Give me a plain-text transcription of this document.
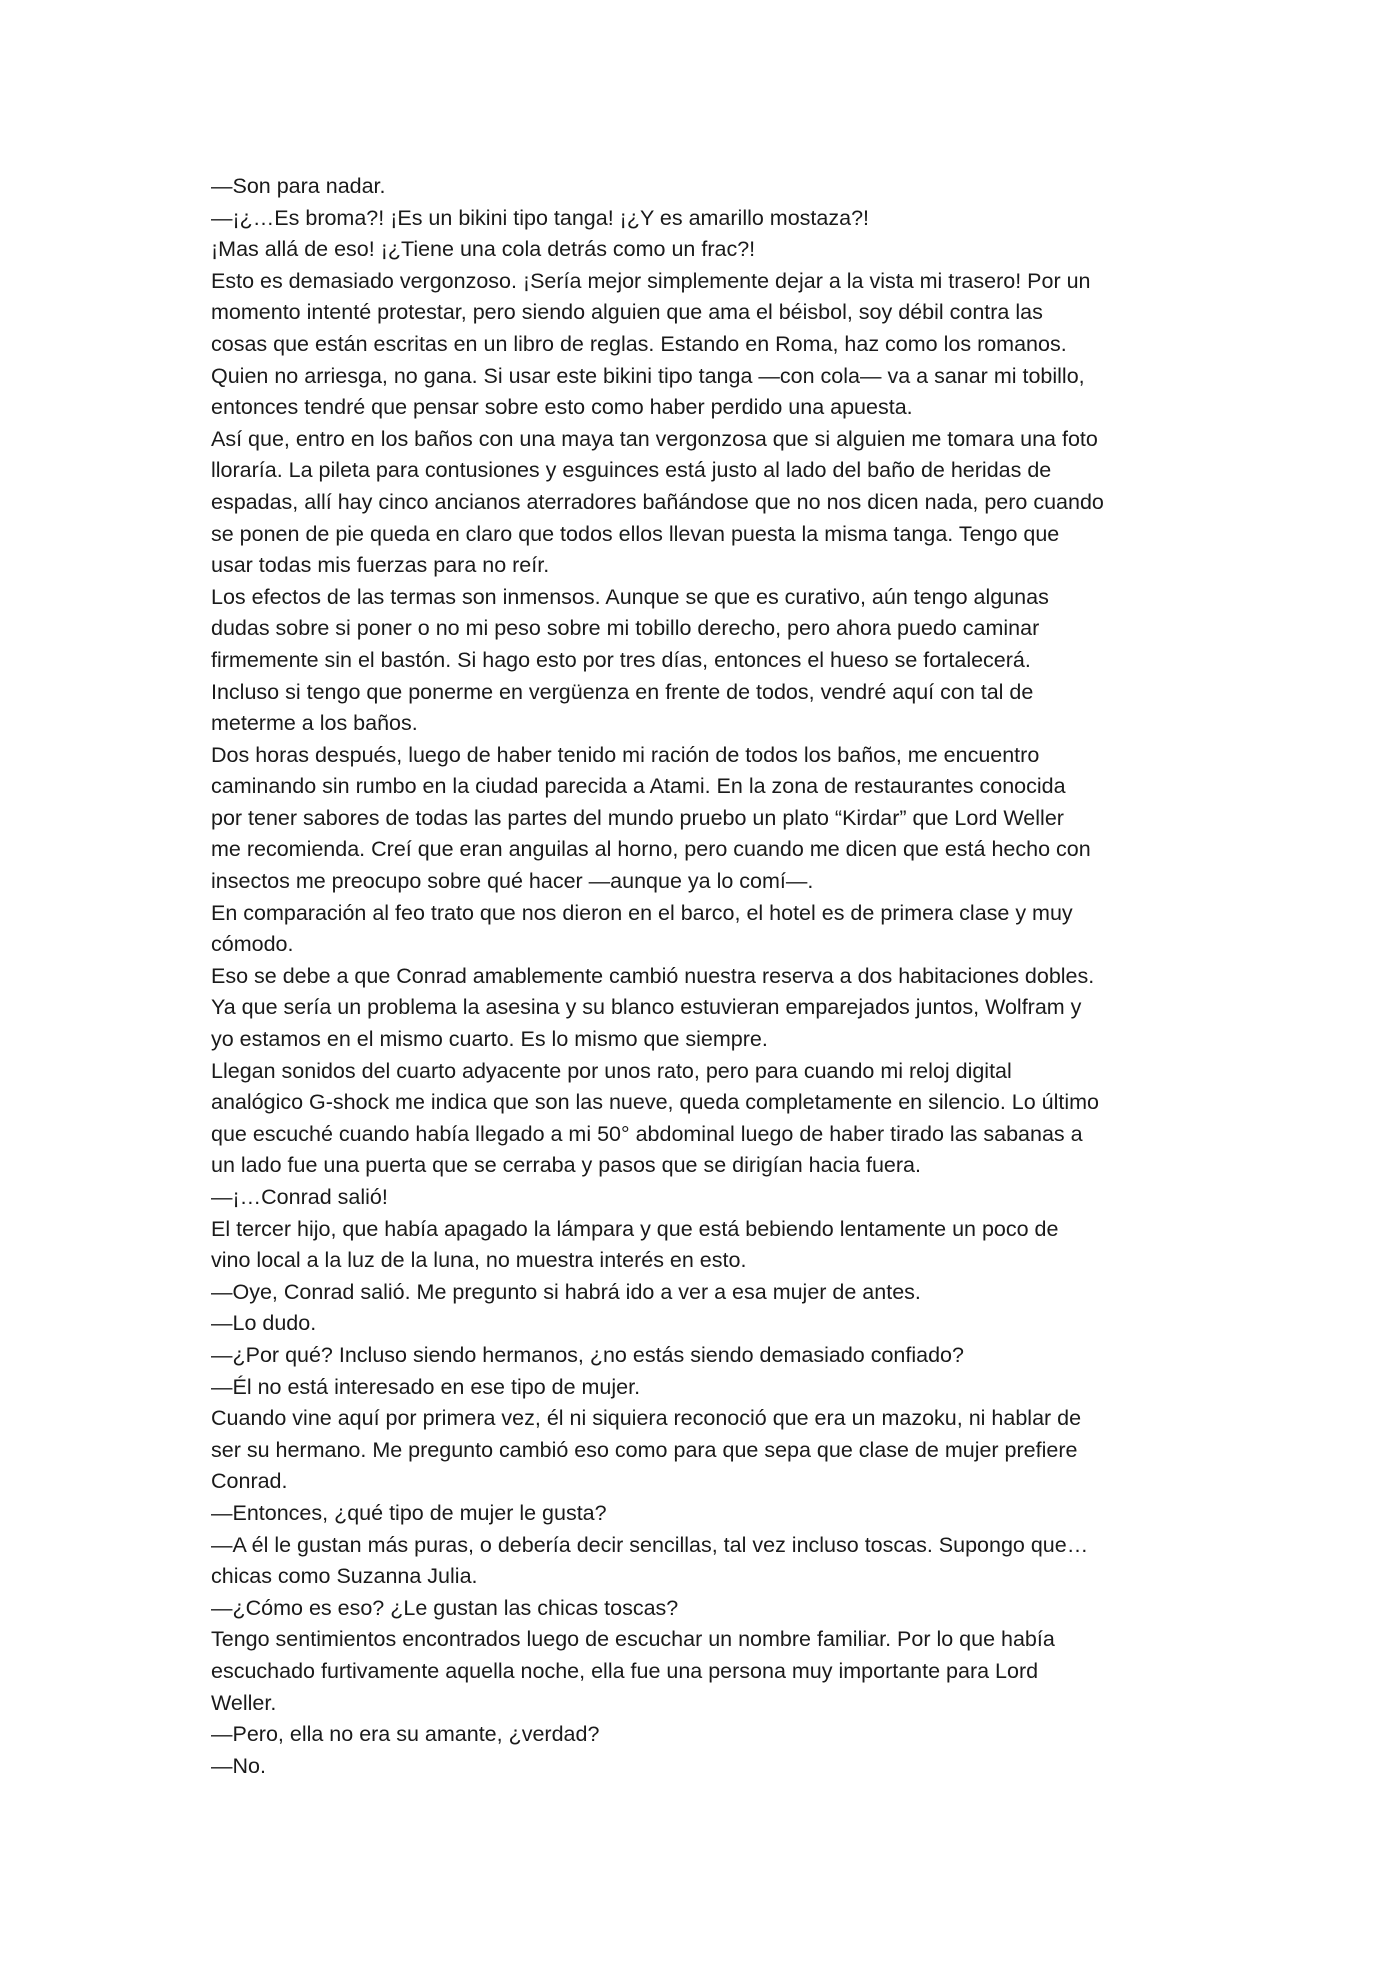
—Son para nadar.
—¡¿…Es broma?! ¡Es un bikini tipo tanga! ¡¿Y es amarillo mostaza?!
¡Mas allá de eso! ¡¿Tiene una cola detrás como un frac?!
Esto es demasiado vergonzoso. ¡Sería mejor simplemente dejar a la vista mi trasero! Por un
momento intenté protestar, pero siendo alguien que ama el béisbol, soy débil contra las
cosas que están escritas en un libro de reglas. Estando en Roma, haz como los romanos.
Quien no arriesga, no gana. Si usar este bikini tipo tanga —con cola— va a sanar mi tobillo,
entonces tendré que pensar sobre esto como haber perdido una apuesta.
Así que, entro en los baños con una maya tan vergonzosa que si alguien me tomara una foto
lloraría. La pileta para contusiones y esguinces está justo al lado del baño de heridas de
espadas, allí hay cinco ancianos aterradores bañándose que no nos dicen nada, pero cuando
se ponen de pie queda en claro que todos ellos llevan puesta la misma tanga. Tengo que
usar todas mis fuerzas para no reír.
Los efectos de las termas son inmensos. Aunque se que es curativo, aún tengo algunas
dudas sobre si poner o no mi peso sobre mi tobillo derecho, pero ahora puedo caminar
firmemente sin el bastón. Si hago esto por tres días, entonces el hueso se fortalecerá.
Incluso si tengo que ponerme en vergüenza en frente de todos, vendré aquí con tal de
meterme a los baños.
Dos horas después, luego de haber tenido mi ración de todos los baños, me encuentro
caminando sin rumbo en la ciudad parecida a Atami. En la zona de restaurantes conocida
por tener sabores de todas las partes del mundo pruebo un plato “Kirdar” que Lord Weller
me recomienda. Creí que eran anguilas al horno, pero cuando me dicen que está hecho con
insectos me preocupo sobre qué hacer —aunque ya lo comí—.
En comparación al feo trato que nos dieron en el barco, el hotel es de primera clase y muy
cómodo.
Eso se debe a que Conrad amablemente cambió nuestra reserva a dos habitaciones dobles.
Ya que sería un problema la asesina y su blanco estuvieran emparejados juntos, Wolfram y
yo estamos en el mismo cuarto. Es lo mismo que siempre.
Llegan sonidos del cuarto adyacente por unos rato, pero para cuando mi reloj digital
analógico G-shock me indica que son las nueve, queda completamente en silencio. Lo último
que escuché cuando había llegado a mi 50° abdominal luego de haber tirado las sabanas a
un lado fue una puerta que se cerraba y pasos que se dirigían hacia fuera.
—¡…Conrad salió!
El tercer hijo, que había apagado la lámpara y que está bebiendo lentamente un poco de
vino local a la luz de la luna, no muestra interés en esto.
—Oye, Conrad salió. Me pregunto si habrá ido a ver a esa mujer de antes.
—Lo dudo.
—¿Por qué? Incluso siendo hermanos, ¿no estás siendo demasiado confiado?
—Él no está interesado en ese tipo de mujer.
Cuando vine aquí por primera vez, él ni siquiera reconoció que era un mazoku, ni hablar de
ser su hermano. Me pregunto cambió eso como para que sepa que clase de mujer prefiere
Conrad.
—Entonces, ¿qué tipo de mujer le gusta?
—A él le gustan más puras, o debería decir sencillas, tal vez incluso toscas. Supongo que…
chicas como Suzanna Julia.
—¿Cómo es eso? ¿Le gustan las chicas toscas?
Tengo sentimientos encontrados luego de escuchar un nombre familiar. Por lo que había
escuchado furtivamente aquella noche, ella fue una persona muy importante para Lord
Weller.
—Pero, ella no era su amante, ¿verdad?
—No.
